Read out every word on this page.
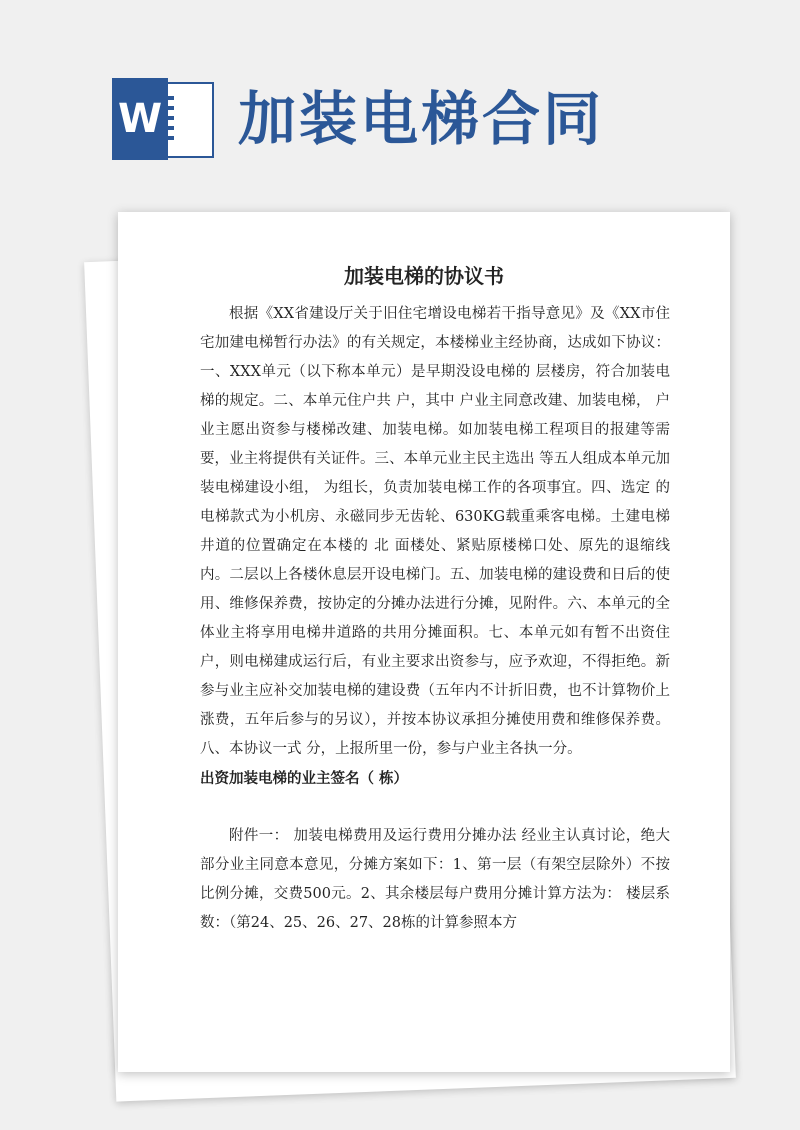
W 加装电梯合同
加装电梯的协议书

根据《XX省建设厅关于旧住宅增设电梯若干指导意见》及《XX市住宅加建电梯暂行办法》的有关规定，本楼梯业主经协商，达成如下协议：一、XXX单元（以下称本单元）是早期没设电梯的 层楼房，符合加装电梯的规定。二、本单元住户共 户，其中 户业主同意改建、加装电梯， 户业主愿出资参与楼梯改建、加装电梯。如加装电梯工程项目的报建等需要，业主将提供有关证件。三、本单元业主民主选出 等五人组成本单元加装电梯建设小组， 为组长，负责加装电梯工作的各项事宜。四、选定 的电梯款式为小机房、永磁同步无齿轮、630KG载重乘客电梯。土建电梯井道的位置确定在本楼的 北 面楼处、紧贴原楼梯口处、原先的退缩线内。二层以上各楼休息层开设电梯门。五、加装电梯的建设费和日后的使用、维修保养费，按协定的分摊办法进行分摊，见附件。六、本单元的全体业主将享用电梯井道路的共用分摊面积。七、本单元如有暂不出资住户，则电梯建成运行后，有业主要求出资参与，应予欢迎，不得拒绝。新参与业主应补交加装电梯的建设费（五年内不计折旧费，也不计算物价上涨费，五年后参与的另议），并按本协议承担分摊使用费和维修保养费。八、本协议一式 分，上报所里一份，参与户业主各执一分。

出资加装电梯的业主签名（ 栋）

附件一： 加装电梯费用及运行费用分摊办法 经业主认真讨论，绝大部分业主同意本意见，分摊方案如下：1、第一层（有架空层除外）不按比例分摊，交费500元。2、其余楼层每户费用分摊计算方法为： 楼层系数：（第24、25、26、27、28栋的计算参照本方
